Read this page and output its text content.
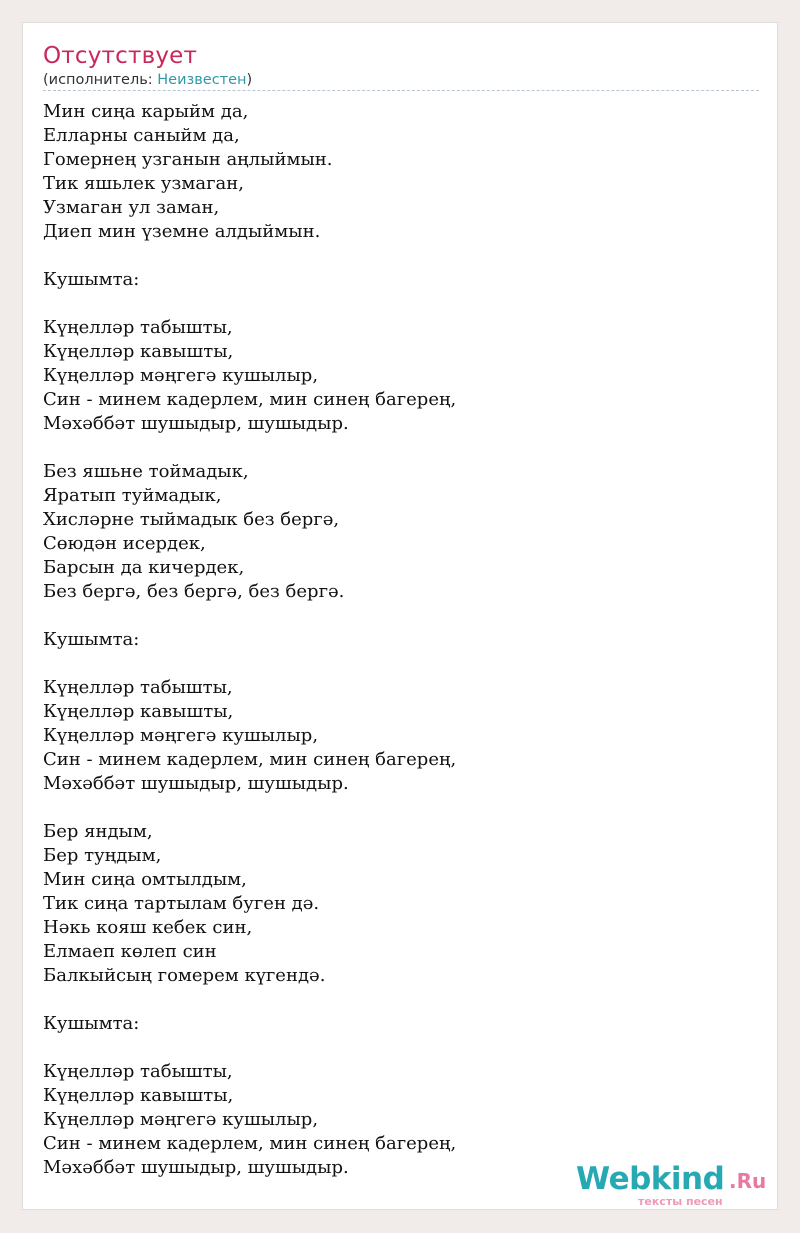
Отсутствует
(исполнитель: Неизвестен)
Мин сиңа карыйм да,
Елларны саныйм да,
Гомернең узганын аңлыймын.
Тик яшьлек узмаган,
Узмаган ул заман,
Диеп мин үземне алдыймын.

Кушымта:

Күңелләр табышты,
Күңелләр кавышты,
Күңелләр мәңгегә кушылыр,
Син - минем кадерлем, мин синең багерең,
Мәхәббәт шушыдыр, шушыдыр.

Без яшьне тоймадык,
Яратып туймадык,
Хисләрне тыймадык без бергә,
Сөюдән исердек,
Барсын да кичердек,
Без бергә, без бергә, без бергә.

Кушымта:

Күңелләр табышты,
Күңелләр кавышты,
Күңелләр мәңгегә кушылыр,
Син - минем кадерлем, мин синең багерең,
Мәхәббәт шушыдыр, шушыдыр.

Бер яндым,
Бер туңдым,
Мин сиңа омтылдым,
Тик сиңа тартылам буген дә.
Нәкь кояш кебек син,
Елмаеп көлеп син
Балкыйсың гомерем күгендә.

Кушымта:

Күңелләр табышты,
Күңелләр кавышты,
Күңелләр мәңгегә кушылыр,
Син - минем кадерлем, мин синең багерең,
Мәхәббәт шушыдыр, шушыдыр.	Webkind .Ru
тексты песен
